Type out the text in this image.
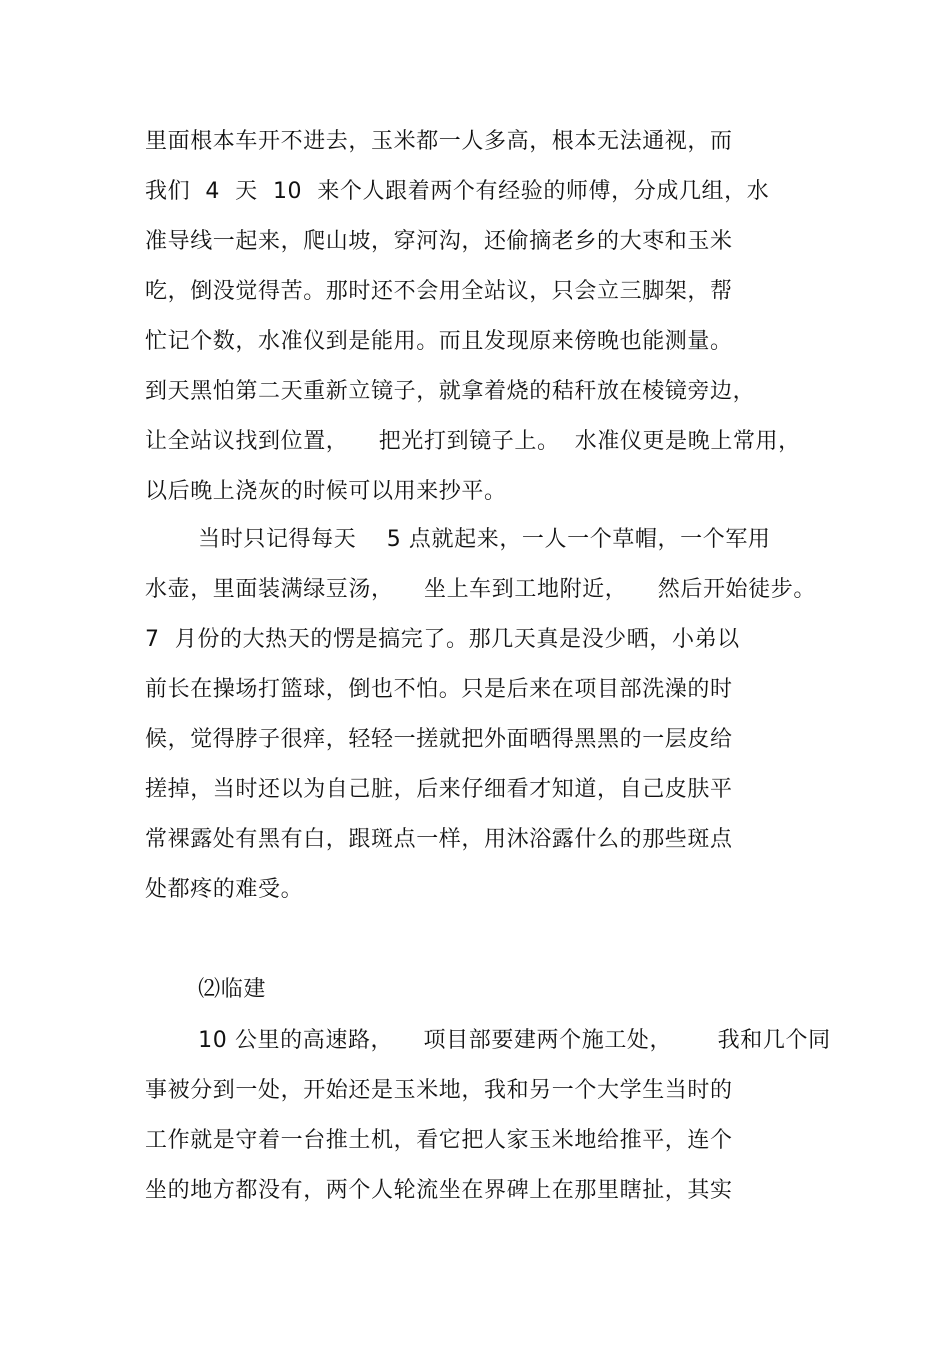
里面根本车开不进去，玉米都一人多高，根本无法通视，而
我们  4  天  10  来个人跟着两个有经验的师傅，分成几组，水
准导线一起来，爬山坡，穿河沟，还偷摘老乡的大枣和玉米
吃，倒没觉得苦。那时还不会用全站议，只会立三脚架，帮
忙记个数，水准仪到是能用。而且发现原来傍晚也能测量。
到天黑怕第二天重新立镜子，就拿着烧的秸秆放在棱镜旁边，
让全站议找到位置，    把光打到镜子上。  水准仪更是晚上常用，
以后晚上浇灰的时候可以用来抄平。
当时只记得每天    5 点就起来，一人一个草帽，一个军用
水壶，里面装满绿豆汤，    坐上车到工地附近，    然后开始徒步。
7  月份的大热天的愣是搞完了。那几天真是没少晒，小弟以
前长在操场打篮球，倒也不怕。只是后来在项目部洗澡的时
候，觉得脖子很痒，轻轻一搓就把外面晒得黑黑的一层皮给
搓掉，当时还以为自己脏，后来仔细看才知道，自己皮肤平
常裸露处有黑有白，跟斑点一样，用沐浴露什么的那些斑点
处都疼的难受。
⑵临建
10 公里的高速路，    项目部要建两个施工处，      我和几个同
事被分到一处，开始还是玉米地，我和另一个大学生当时的
工作就是守着一台推土机，看它把人家玉米地给推平，连个
坐的地方都没有，两个人轮流坐在界碑上在那里瞎扯，其实
